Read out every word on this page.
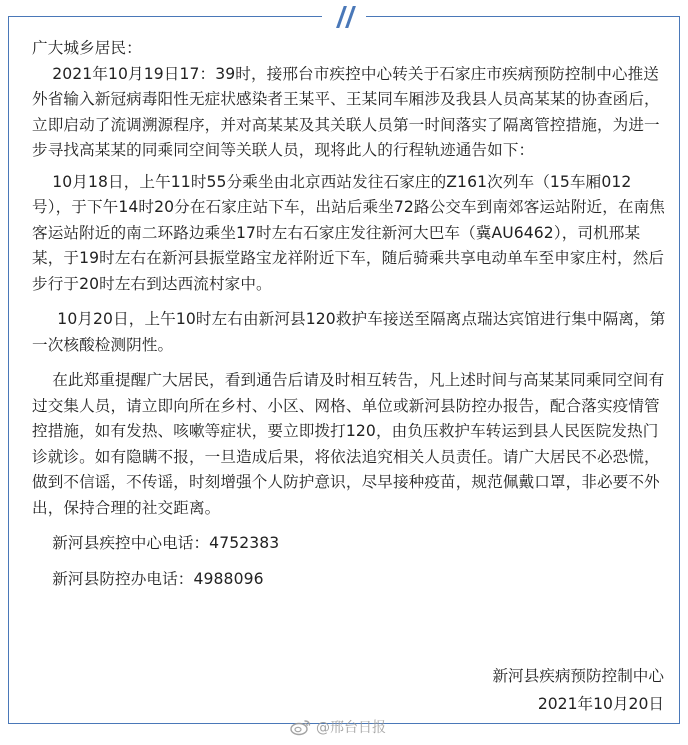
广大城乡居民：

2021年10月19日17：39时，接邢台市疾控中心转关于石家庄市疾病预防控制中心推送外省输入新冠病毒阳性无症状感染者王某平、王某同车厢涉及我县人员高某某的协查函后，立即启动了流调溯源程序，并对高某某及其关联人员第一时间落实了隔离管控措施，为进一步寻找高某某的同乘同空间等关联人员，现将此人的行程轨迹通告如下：

10月18日，上午11时55分乘坐由北京西站发往石家庄的Z161次列车（15车厢012号），于下午14时20分在石家庄站下车，出站后乘坐72路公交车到南郊客运站附近，在南焦客运站附近的南二环路边乘坐17时左右石家庄发往新河大巴车（冀AU6462），司机邢某某，于19时左右在新河县振堂路宝龙祥附近下车，随后骑乘共享电动单车至申家庄村，然后步行于20时左右到达西流村家中。

10月20日，上午10时左右由新河县120救护车接送至隔离点瑞达宾馆进行集中隔离，第一次核酸检测阴性。

在此郑重提醒广大居民，看到通告后请及时相互转告，凡上述时间与高某某同乘同空间有过交集人员，请立即向所在乡村、小区、网格、单位或新河县防控办报告，配合落实疫情管控措施，如有发热、咳嗽等症状，要立即拨打120，由负压救护车转运到县人民医院发热门诊就诊。如有隐瞒不报，一旦造成后果，将依法追究相关人员责任。请广大居民不必恐慌，做到不信谣，不传谣，时刻增强个人防护意识，尽早接种疫苗，规范佩戴口罩，非必要不外出，保持合理的社交距离。

新河县疾控中心电话：4752383

新河县防控办电话：4988096

新河县疾病预防控制中心
2021年10月20日
@邢台日报
